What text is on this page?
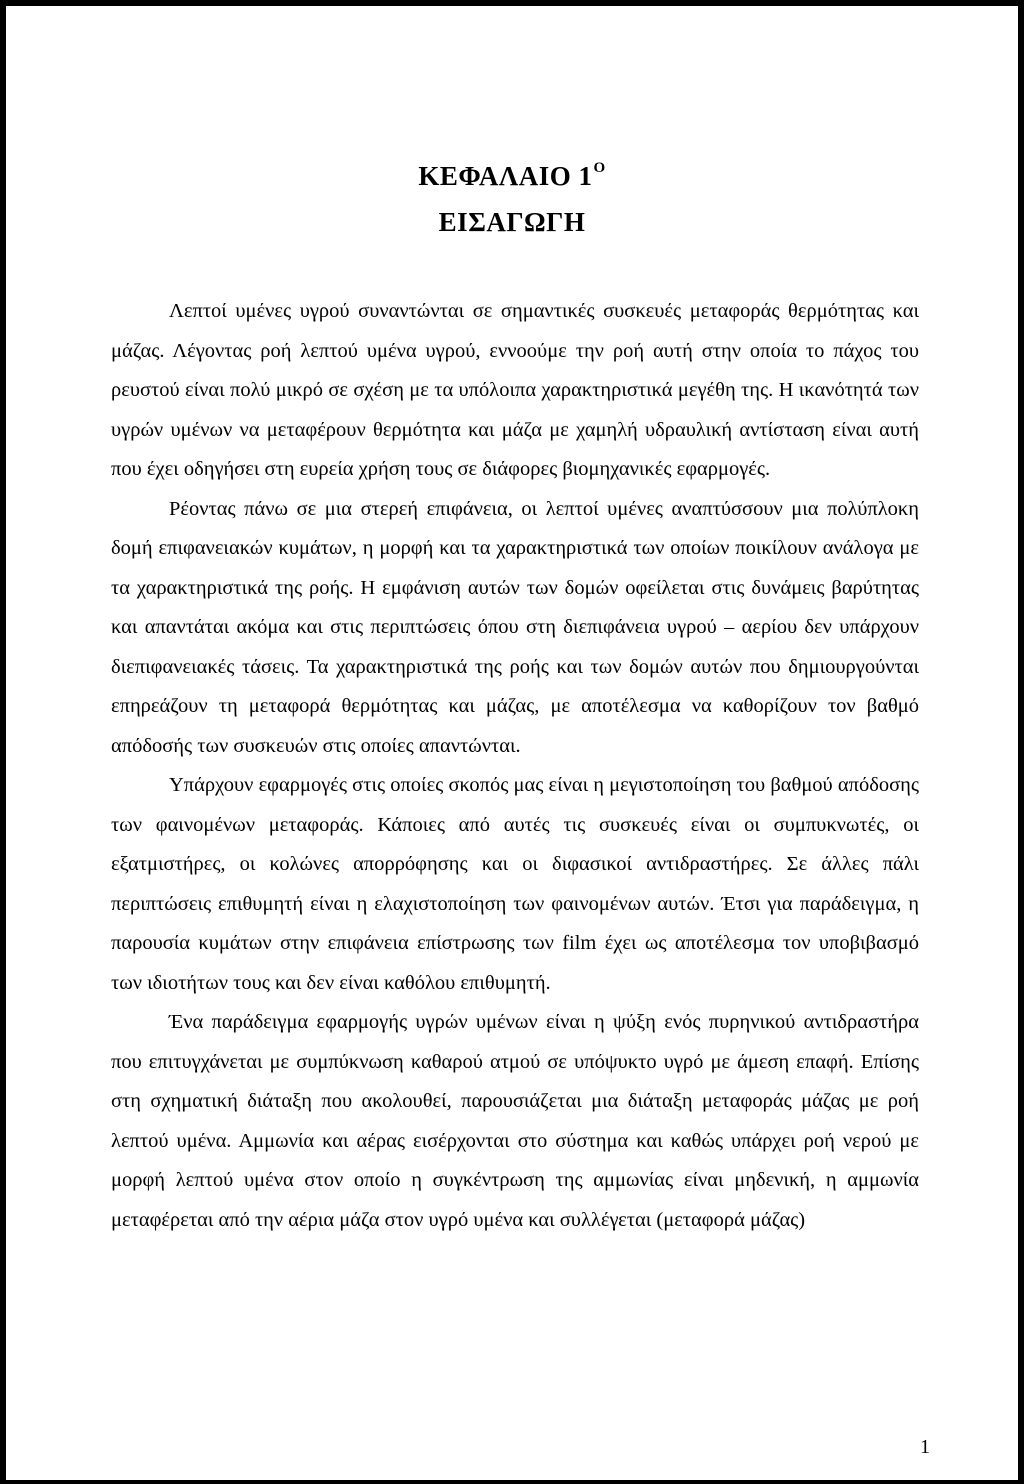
ΚΕΦΑΛΑΙΟ $1^O$
ΕΙΣΑΓΩΓΗ

Λεπτοί υμένες υγρού συναντώνται σε σημαντικές συσκευές μεταφοράς θερμότητας και μάζας. Λέγοντας ροή λεπτού υμένα υγρού, εννοούμε την ροή αυτή στην οποία το πάχος του ρευστού είναι πολύ μικρό σε σχέση με τα υπόλοιπα χαρακτηριστικά μεγέθη της. Η ικανότητά των υγρών υμένων να μεταφέρουν θερμότητα και μάζα με χαμηλή υδραυλική αντίσταση είναι αυτή που έχει οδηγήσει στη ευρεία χρήση τους σε διάφορες βιομηχανικές εφαρμογές.

Ρέοντας πάνω σε μια στερεή επιφάνεια, οι λεπτοί υμένες αναπτύσσουν μια πολύπλοκη δομή επιφανειακών κυμάτων, η μορφή και τα χαρακτηριστικά των οποίων ποικίλουν ανάλογα με τα χαρακτηριστικά της ροής. Η εμφάνιση αυτών των δομών οφείλεται στις δυνάμεις βαρύτητας και απαντάται ακόμα και στις περιπτώσεις όπου στη διεπιφάνεια υγρού – αερίου δεν υπάρχουν διεπιφανειακές τάσεις. Τα χαρακτηριστικά της ροής και των δομών αυτών που δημιουργούνται επηρεάζουν τη μεταφορά θερμότητας και μάζας, με αποτέλεσμα να καθορίζουν τον βαθμό απόδοσής των συσκευών στις οποίες απαντώνται.

Υπάρχουν εφαρμογές στις οποίες σκοπός μας είναι η μεγιστοποίηση του βαθμού απόδοσης των φαινομένων μεταφοράς. Κάποιες από αυτές τις συσκευές είναι οι συμπυκνωτές, οι εξατμιστήρες, οι κολώνες απορρόφησης και οι διφασικοί αντιδραστήρες. Σε άλλες πάλι περιπτώσεις επιθυμητή είναι η ελαχιστοποίηση των φαινομένων αυτών. Έτσι για παράδειγμα, η παρουσία κυμάτων στην επιφάνεια επίστρωσης των film έχει ως αποτέλεσμα τον υποβιβασμό των ιδιοτήτων τους και δεν είναι καθόλου επιθυμητή.

Ένα παράδειγμα εφαρμογής υγρών υμένων είναι η ψύξη ενός πυρηνικού αντιδραστήρα που επιτυγχάνεται με συμπύκνωση καθαρού ατμού σε υπόψυκτο υγρό με άμεση επαφή. Επίσης στη σχηματική διάταξη που ακολουθεί, παρουσιάζεται μια διάταξη μεταφοράς μάζας με ροή λεπτού υμένα. Αμμωνία και αέρας εισέρχονται στο σύστημα και καθώς υπάρχει ροή νερού με μορφή λεπτού υμένα στον οποίο η συγκέντρωση της αμμωνίας είναι μηδενική, η αμμωνία μεταφέρεται από την αέρια μάζα στον υγρό υμένα και συλλέγεται (μεταφορά μάζας)

1
